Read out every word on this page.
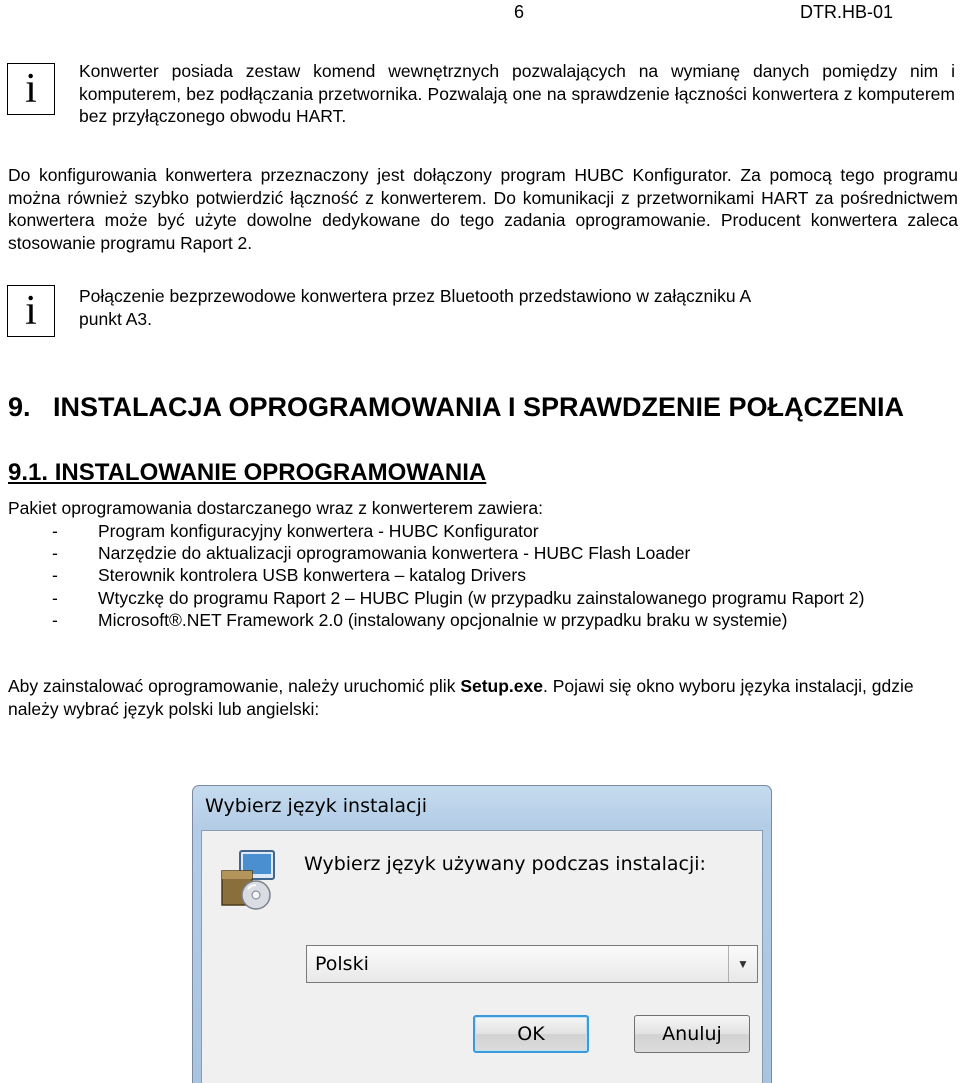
6	DTR.HB-01
i	Konwerter posiada zestaw komend wewnętrznych pozwalających na wymianę danych pomiędzy nim i komputerem, bez podłączania przetwornika. Pozwalają one na sprawdzenie łączności konwertera z komputerem bez przyłączonego obwodu HART.
Do konfigurowania konwertera przeznaczony jest dołączony program HUBC Konfigurator. Za pomocą tego programu można również szybko potwierdzić łączność z konwerterem. Do komunikacji z przetwornikami HART za pośrednictwem konwertera może być użyte dowolne dedykowane do tego zadania oprogramowanie. Producent konwertera zaleca stosowanie programu Raport 2.
i	Połączenie bezprzewodowe konwertera przez Bluetooth przedstawiono w załączniku A
punkt A3.
9.   INSTALACJA OPROGRAMOWANIA I SPRAWDZENIE POŁĄCZENIA
9.1. INSTALOWANIE OPROGRAMOWANIA
Pakiet oprogramowania dostarczanego wraz z konwerterem zawiera:
- Program konfiguracyjny konwertera - HUBC Konfigurator
- Narzędzie do aktualizacji oprogramowania konwertera - HUBC Flash Loader
- Sterownik kontrolera USB konwertera – katalog Drivers
- Wtyczkę do programu Raport 2 – HUBC Plugin (w przypadku zainstalowanego programu Raport 2)
- Microsoft®.NET Framework 2.0 (instalowany opcjonalnie w przypadku braku w systemie)
Aby zainstalować oprogramowanie, należy uruchomić plik Setup.exe. Pojawi się okno wyboru języka instalacji, gdzie należy wybrać język polski lub angielski:
Wybierz język instalacji
Wybierz język używany podczas instalacji:
Polski	▼
OK	Anuluj
